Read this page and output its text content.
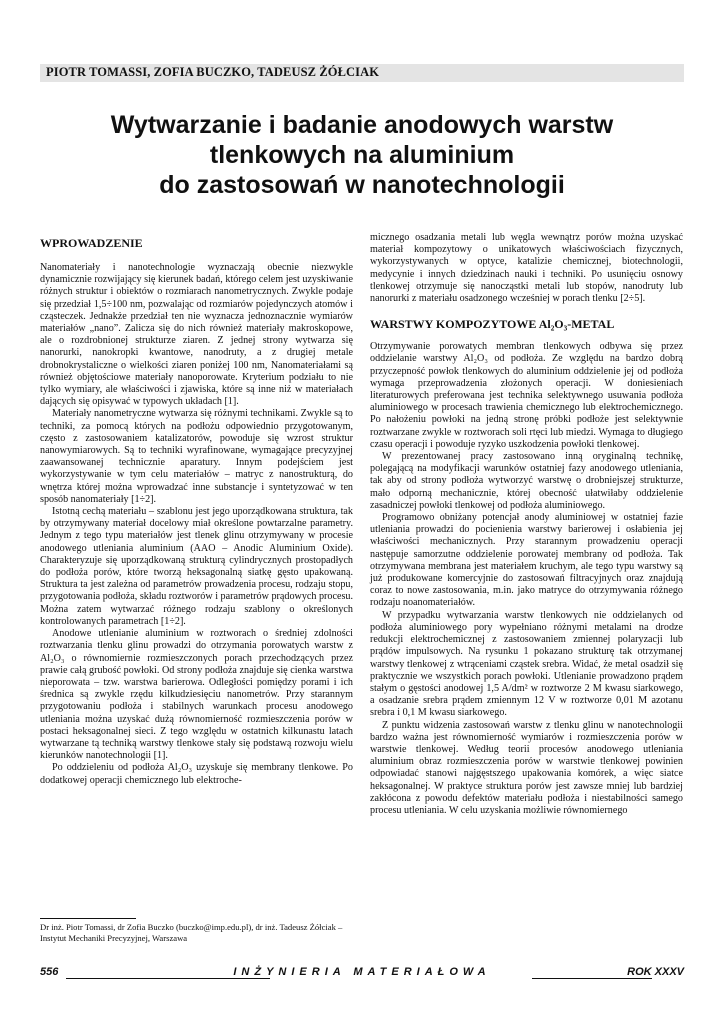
PIOTR TOMASSI, ZOFIA BUCZKO, TADEUSZ ŻÓŁCIAK
Wytwarzanie i badanie anodowych warstw
tlenkowych na aluminium
do zastosowań w nanotechnologii
WPROWADZENIE

Nanomateriały i nanotechnologie wyznaczają obecnie niezwykle dynamicznie rozwijający się kierunek badań, którego celem jest uzyskiwanie różnych struktur i obiektów o rozmiarach nanometrycznych. Zwykle podaje się przedział 1,5÷100 nm, pozwalając od rozmiarów pojedynczych atomów i cząsteczek. Jednakże przedział ten nie wyznacza jednoznacznie wymiarów materiałów „nano”. Zalicza się do nich również materiały makroskopowe, ale o rozdrobnionej strukturze ziaren. Z jednej strony wytwarza się nanorurki, nanokropki kwantowe, nanodruty, a z drugiej metale drobnokrystaliczne o wielkości ziaren poniżej 100 nm, Nanomateriałami są również objętościowe materiały nanoporowate. Kryterium podziału to nie tylko wymiary, ale właściwości i zjawiska, które są inne niż w materiałach dających się opisywać w typowych układach [1].

Materiały nanometryczne wytwarza się różnymi technikami. Zwykle są to techniki, za pomocą których na podłożu odpowiednio przygotowanym, często z zastosowaniem katalizatorów, powoduje się wzrost struktur nanowymiarowych. Są to techniki wyrafinowane, wymagające precyzyjnej zaawansowanej technicznie aparatury. Innym podejściem jest wykorzystywanie w tym celu materiałów – matryc z nanostrukturą, do wnętrza której można wprowadzać inne substancje i syntetyzować w ten sposób nanomateriały [1÷2].

Istotną cechą materiału – szablonu jest jego uporządkowana struktura, tak by otrzymywany materiał docelowy miał określone powtarzalne parametry. Jednym z tego typu materiałów jest tlenek glinu otrzymywany w procesie anodowego utleniania aluminium (AAO – Anodic Aluminium Oxide). Charakteryzuje się uporządkowaną strukturą cylindrycznych prostopadłych do podłoża porów, które tworzą heksagonalną siatkę gęsto upakowaną. Struktura ta jest zależna od parametrów prowadzenia procesu, rodzaju stopu, przygotowania podłoża, składu roztworów i parametrów prądowych procesu. Można zatem wytwarzać różnego rodzaju szablony o określonych kontrolowanych parametrach [1÷2].

Anodowe utlenianie aluminium w roztworach o średniej zdolności roztwarzania tlenku glinu prowadzi do otrzymania porowatych warstw z Al₂O₃ o równomiernie rozmieszczonych porach przechodzących przez prawie całą grubość powłoki. Od strony podłoża znajduje się cienka warstwa nieporowata – tzw. warstwa barierowa. Odległości pomiędzy porami i ich średnica są zwykle rzędu kilkudziesięciu nanometrów. Przy starannym przygotowaniu podłoża i stabilnych warunkach procesu anodowego utleniania można uzyskać dużą równomierność rozmieszczenia porów w postaci heksagonalnej sieci. Z tego względu w ostatnich kilkunastu latach wytwarzane tą techniką warstwy tlenkowe stały się podstawą rozwoju wielu kierunków nanotechnologii [1].

Po oddzieleniu od podłoża Al₂O₃ uzyskuje się membrany tlenkowe. Po dodatkowej operacji chemicznego lub elektroche-

micznego osadzania metali lub węgla wewnątrz porów można uzyskać materiał kompozytowy o unikatowych właściwościach fizycznych, wykorzystywanych w optyce, katalizie chemicznej, biotechnologii, medycynie i innych dziedzinach nauki i techniki. Po usunięciu osnowy tlenkowej otrzymuje się nanocząstki metali lub stopów, nanodruty lub nanorurki z materiału osadzonego wcześniej w porach tlenku [2÷5].

WARSTWY KOMPOZYTOWE Al₂O₃-METAL

Otrzymywanie porowatych membran tlenkowych odbywa się przez oddzielanie warstwy Al₂O₃ od podłoża. Ze względu na bardzo dobrą przyczepność powłok tlenkowych do aluminium oddzielenie jej od podłoża wymaga przeprowadzenia złożonych operacji. W doniesieniach literaturowych preferowana jest technika selektywnego usuwania podłoża aluminiowego w procesach trawienia chemicznego lub elektrochemicznego. Po nałożeniu powłoki na jedną stronę próbki podłoże jest selektywnie roztwarzane zwykle w roztworach soli rtęci lub miedzi. Wymaga to długiego czasu operacji i powoduje ryzyko uszkodzenia powłoki tlenkowej.

W prezentowanej pracy zastosowano inną oryginalną technikę, polegającą na modyfikacji warunków ostatniej fazy anodowego utleniania, tak aby od strony podłoża wytworzyć warstwę o drobniejszej strukturze, mało odporną mechanicznie, której obecność ułatwiłaby oddzielenie zasadniczej powłoki tlenkowej od podłoża aluminiowego.

Programowo obniżany potencjał anody aluminiowej w ostatniej fazie utleniania prowadzi do pocienienia warstwy barierowej i osłabienia jej właściwości mechanicznych. Przy starannym prowadzeniu operacji następuje samorzutne oddzielenie porowatej membrany od podłoża. Tak otrzymywana membrana jest materiałem kruchym, ale tego typu warstwy są już produkowane komercyjnie do zastosowań filtracyjnych oraz znajdują coraz to nowe zastosowania, m.in. jako matryce do otrzymywania różnego rodzaju noanomateriałów.

W przypadku wytwarzania warstw tlenkowych nie oddzielanych od podłoża aluminiowego pory wypełniano różnymi metalami na drodze redukcji elektrochemicznej z zastosowaniem zmiennej polaryzacji lub prądów impulsowych. Na rysunku 1 pokazano strukturę tak otrzymanej warstwy tlenkowej z wtrąceniami cząstek srebra. Widać, że metal osadził się praktycznie we wszystkich porach powłoki. Utlenianie prowadzono prądem stałym o gęstości anodowej 1,5 A/dm² w roztworze 2 M kwasu siarkowego, a osadzanie srebra prądem zmiennym 12 V w roztworze 0,01 M azotanu srebra i 0,1 M kwasu siarkowego.

Z punktu widzenia zastosowań warstw z tlenku glinu w nanotechnologii bardzo ważna jest równomierność wymiarów i rozmieszczenia porów w warstwie tlenkowej. Według teorii procesów anodowego utleniania aluminium obraz rozmieszczenia porów w warstwie tlenkowej powinien odpowiadać stanowi najgęstszego upakowania komórek, a więc siatce heksagonalnej. W praktyce struktura porów jest zawsze mniej lub bardziej zakłócona z powodu defektów materiału podłoża i niestabilności samego procesu utleniania. W celu uzyskania możliwie równomiernego

Dr inż. Piotr Tomassi, dr Zofia Buczko (buczko@imp.edu.pl), dr inż. Tadeusz Żółciak – Instytut Mechaniki Precyzyjnej, Warszawa
556	INŻYNIERIA MATERIAŁOWA	ROK XXXV
